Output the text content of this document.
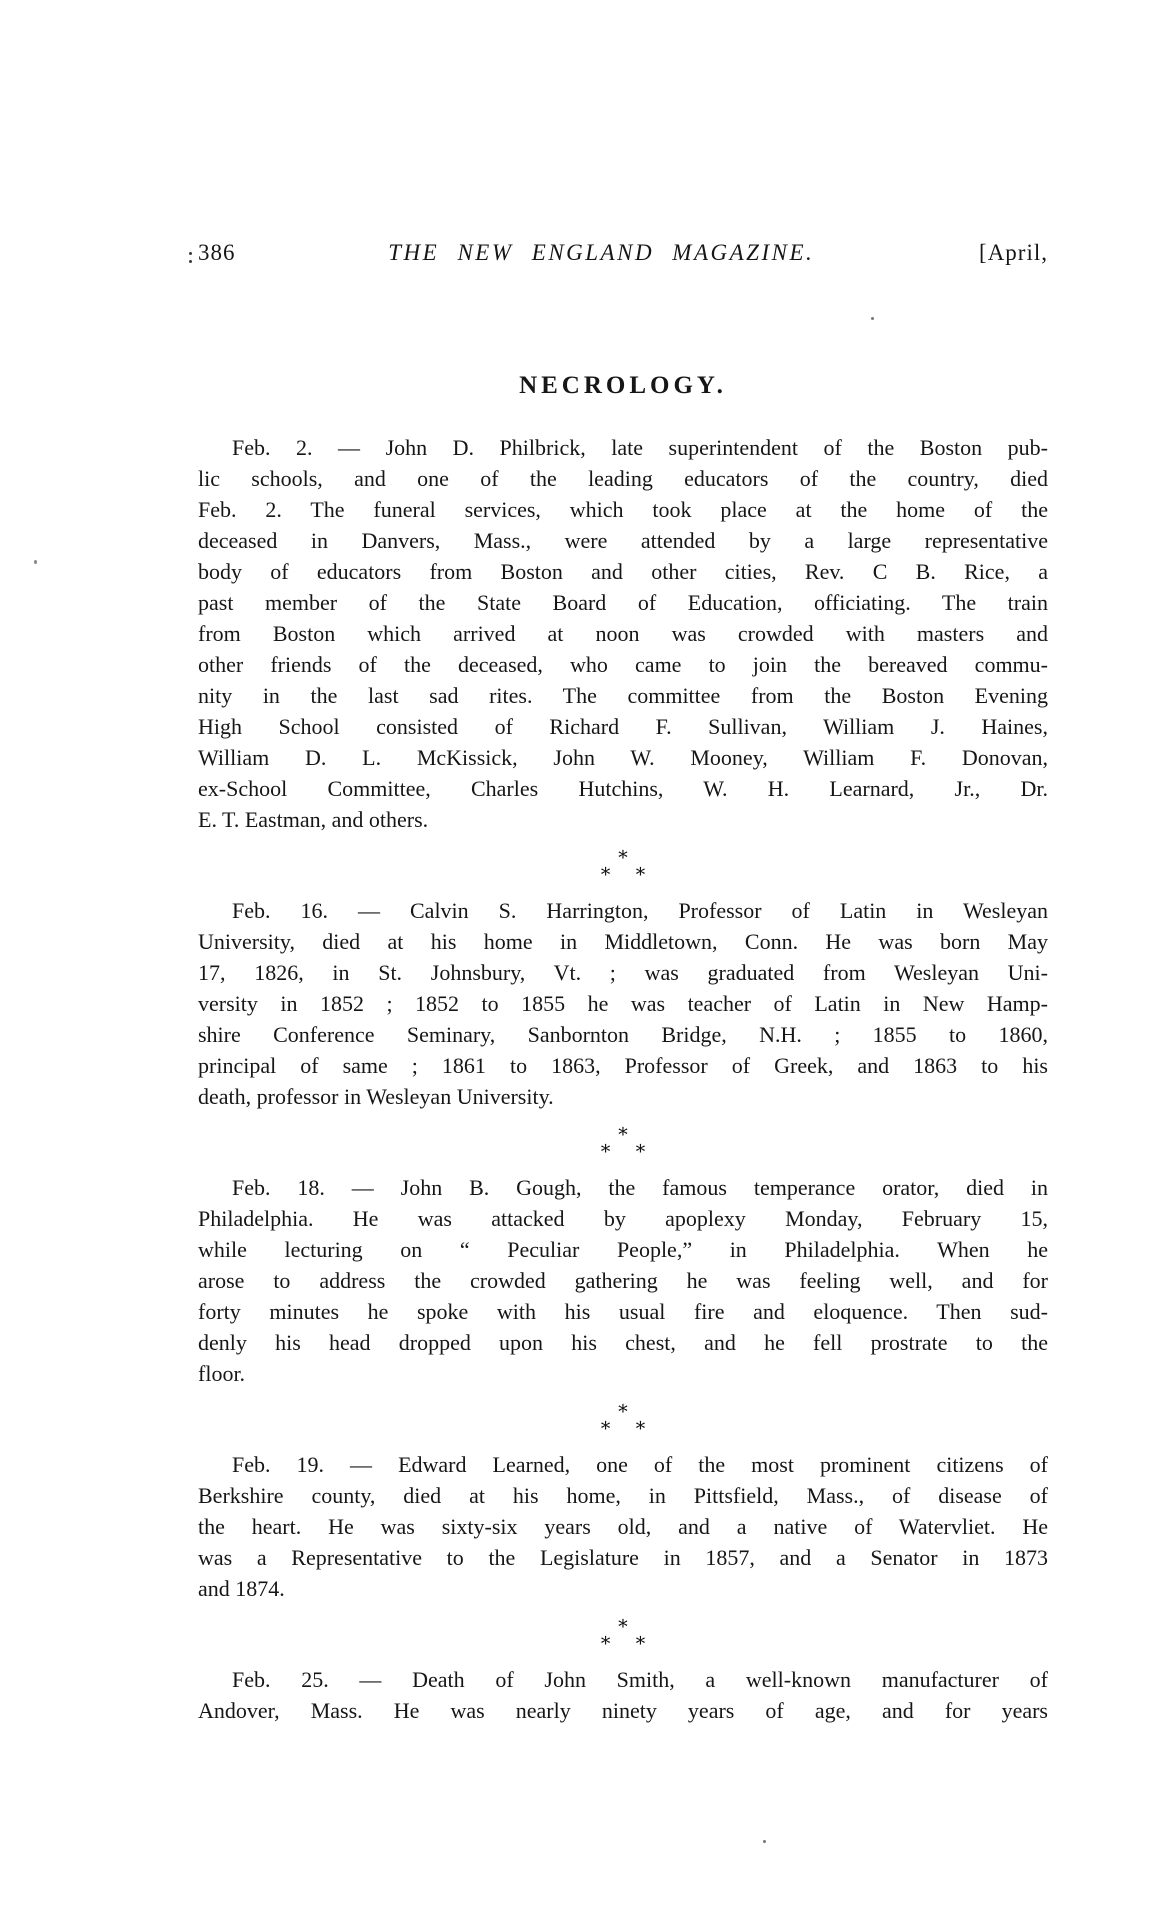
386	THE NEW ENGLAND MAGAZINE.	[April,
NECROLOGY.
Feb. 2. — John D. Philbrick, late superintendent of the Boston pub-
lic schools, and one of the leading educators of the country, died
Feb. 2. The funeral services, which took place at the home of the
deceased in Danvers, Mass., were attended by a large representative
body of educators from Boston and other cities, Rev. C B. Rice, a
past member of the State Board of Education, officiating. The train
from Boston which arrived at noon was crowded with masters and
other friends of the deceased, who came to join the bereaved commu-
nity in the last sad rites. The committee from the Boston Evening
High School consisted of Richard F. Sullivan, William J. Haines,
William D. L. McKissick, John W. Mooney, William F. Donovan,
ex-School Committee, Charles Hutchins, W. H. Learnard, Jr., Dr.
E. T. Eastman, and others.
∗
∗ ∗
Feb. 16. — Calvin S. Harrington, Professor of Latin in Wesleyan
University, died at his home in Middletown, Conn. He was born May
17, 1826, in St. Johnsbury, Vt. ; was graduated from Wesleyan Uni-
versity in 1852 ; 1852 to 1855 he was teacher of Latin in New Hamp-
shire Conference Seminary, Sanbornton Bridge, N.H. ; 1855 to 1860,
principal of same ; 1861 to 1863, Professor of Greek, and 1863 to his
death, professor in Wesleyan University.
∗
∗ ∗
Feb. 18. — John B. Gough, the famous temperance orator, died in
Philadelphia. He was attacked by apoplexy Monday, February 15,
while lecturing on “ Peculiar People,” in Philadelphia. When he
arose to address the crowded gathering he was feeling well, and for
forty minutes he spoke with his usual fire and eloquence. Then sud-
denly his head dropped upon his chest, and he fell prostrate to the
floor.
∗
∗ ∗
Feb. 19. — Edward Learned, one of the most prominent citizens of
Berkshire county, died at his home, in Pittsfield, Mass., of disease of
the heart. He was sixty-six years old, and a native of Watervliet. He
was a Representative to the Legislature in 1857, and a Senator in 1873
and 1874.
∗
∗ ∗
Feb. 25. — Death of John Smith, a well-known manufacturer of
Andover, Mass. He was nearly ninety years of age, and for years
